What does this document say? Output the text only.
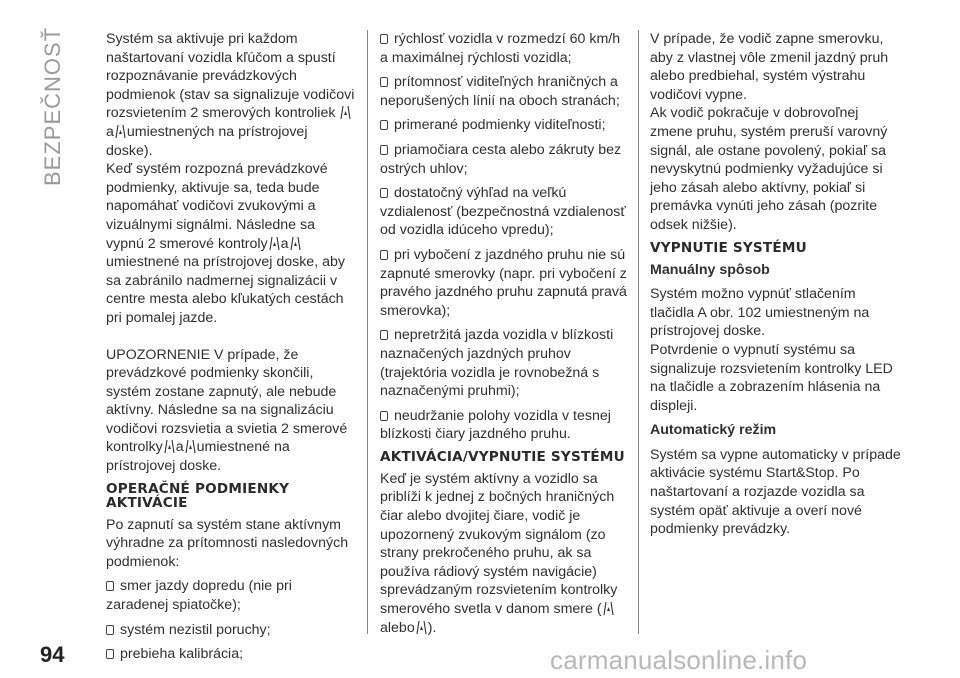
BEZPEČNOSŤ
94	carmanualsonline.info

Systém sa aktivuje pri každom naštartovaní vozidla kľúčom a spustí rozpoznávanie prevádzkových podmienok (stav sa signalizuje vodičovi rozsvietením 2 smerových kontroliek
a umiestnených na prístrojovej doske).

Keď systém rozpozná prevádzkové podmienky, aktivuje sa, teda bude napomáhať vodičovi zvukovými a vizuálnymi signálmi. Následne sa vypnú 2 smerové kontroly a
umiestnené na prístrojovej doske, aby sa zabránilo nadmernej signalizácii v centre mesta alebo kľukatých cestách pri pomalej jazde.

UPOZORNENIE V prípade, že prevádzkové podmienky skončili, systém zostane zapnutý, ale nebude aktívny. Následne sa na signalizáciu vodičovi rozsvietia a svietia 2 smerové kontrolky a umiestnené na prístrojovej doske.

OPERAČNÉ PODMIENKY AKTIVÁCIE

Po zapnutí sa systém stane aktívnym výhradne za prítomnosti nasledovných podmienok:

smer jazdy dopredu (nie pri zaradenej spiatočke);

systém nezistil poruchy;

prebieha kalibrácia;

rýchlosť vozidla v rozmedzí 60 km/h a maximálnej rýchlosti vozidla;

prítomnosť viditeľných hraničných a neporušených línií na oboch stranách;

primerané podmienky viditeľnosti;

priamočiara cesta alebo zákruty bez ostrých uhlov;

dostatočný výhľad na veľkú vzdialenosť (bezpečnostná vzdialenosť od vozidla idúceho vpredu);

pri vybočení z jazdného pruhu nie sú zapnuté smerovky (napr. pri vybočení z pravého jazdného pruhu zapnutá pravá smerovka);

nepretržitá jazda vozidla v blízkosti naznačených jazdných pruhov (trajektória vozidla je rovnobežná s naznačenými pruhmi);

neudržanie polohy vozidla v tesnej blízkosti čiary jazdného pruhu.

AKTIVÁCIA/VYPNUTIE SYSTÉMU

Keď je systém aktívny a vozidlo sa priblíži k jednej z bočných hraničných čiar alebo dvojitej čiare, vodič je upozornený zvukovým signálom (zo strany prekročeného pruhu, ak sa používa rádiový systém navigácie) sprevádzaným rozsvietením kontrolky smerového svetla v danom smere (
alebo ).

V prípade, že vodič zapne smerovku, aby z vlastnej vôle zmenil jazdný pruh alebo predbiehal, systém výstrahu vodičovi vypne.

Ak vodič pokračuje v dobrovoľnej zmene pruhu, systém preruší varovný signál, ale ostane povolený, pokiaľ sa nevyskytnú podmienky vyžadujúce si jeho zásah alebo aktívny, pokiaľ si premávka vynúti jeho zásah (pozrite odsek nižšie).

VYPNUTIE SYSTÉMU
Manuálny spôsob

Systém možno vypnúť stlačením tlačidla A obr. 102 umiestneným na prístrojovej doske.

Potvrdenie o vypnutí systému sa signalizuje rozsvietením kontrolky LED na tlačidle a zobrazením hlásenia na displeji.

Automatický režim

Systém sa vypne automaticky v prípade aktivácie systému Start&Stop. Po naštartovaní a rozjazde vozidla sa systém opäť aktivuje a overí nové podmienky prevádzky.
